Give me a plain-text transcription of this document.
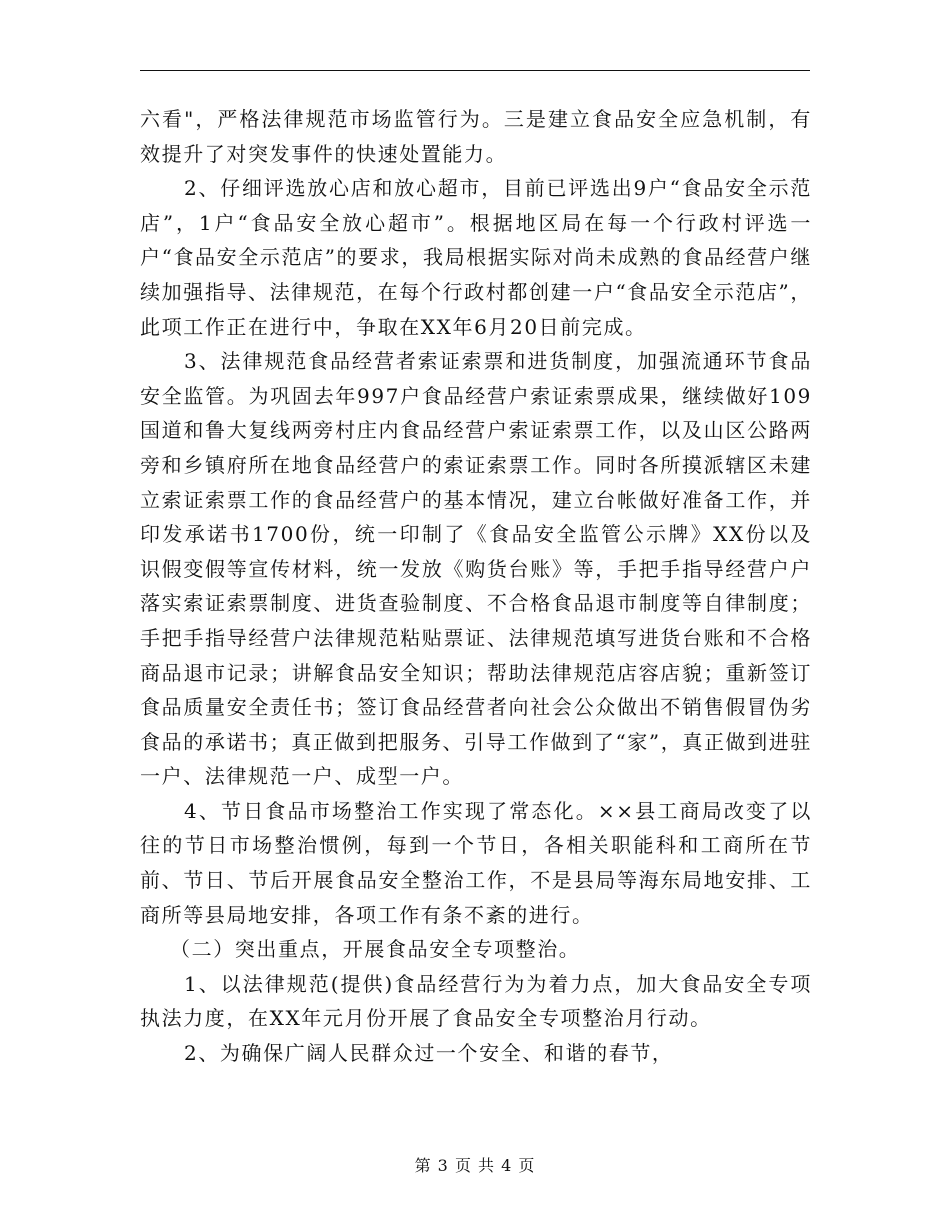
六看"，严格法律规范市场监管行为。三是建立食品安全应急机制，有效提升了对突发事件的快速处置能力。

2、仔细评选放心店和放心超市，目前已评选出9户“食品安全示范店”，1户“食品安全放心超市”。根据地区局在每一个行政村评选一户“食品安全示范店”的要求，我局根据实际对尚未成熟的食品经营户继续加强指导、法律规范，在每个行政村都创建一户“食品安全示范店”，此项工作正在进行中，争取在XX年6月20日前完成。

3、法律规范食品经营者索证索票和进货制度，加强流通环节食品安全监管。为巩固去年997户食品经营户索证索票成果，继续做好109国道和鲁大复线两旁村庄内食品经营户索证索票工作，以及山区公路两旁和乡镇府所在地食品经营户的索证索票工作。同时各所摸派辖区未建立索证索票工作的食品经营户的基本情况，建立台帐做好准备工作，并印发承诺书1700份，统一印制了《食品安全监管公示牌》XX份以及识假变假等宣传材料，统一发放《购货台账》等，手把手指导经营户户落实索证索票制度、进货查验制度、不合格食品退市制度等自律制度；手把手指导经营户法律规范粘贴票证、法律规范填写进货台账和不合格商品退市记录；讲解食品安全知识；帮助法律规范店容店貌；重新签订食品质量安全责任书；签订食品经营者向社会公众做出不销售假冒伪劣食品的承诺书；真正做到把服务、引导工作做到了“家”，真正做到进驻一户、法律规范一户、成型一户。

4、节日食品市场整治工作实现了常态化。××县工商局改变了以往的节日市场整治惯例，每到一个节日，各相关职能科和工商所在节前、节日、节后开展食品安全整治工作，不是县局等海东局地安排、工商所等县局地安排，各项工作有条不紊的进行。

（二）突出重点，开展食品安全专项整治。

1、以法律规范(提供)食品经营行为为着力点，加大食品安全专项执法力度，在XX年元月份开展了食品安全专项整治月行动。

2、为确保广阔人民群众过一个安全、和谐的春节，

第 3 页 共 4 页
